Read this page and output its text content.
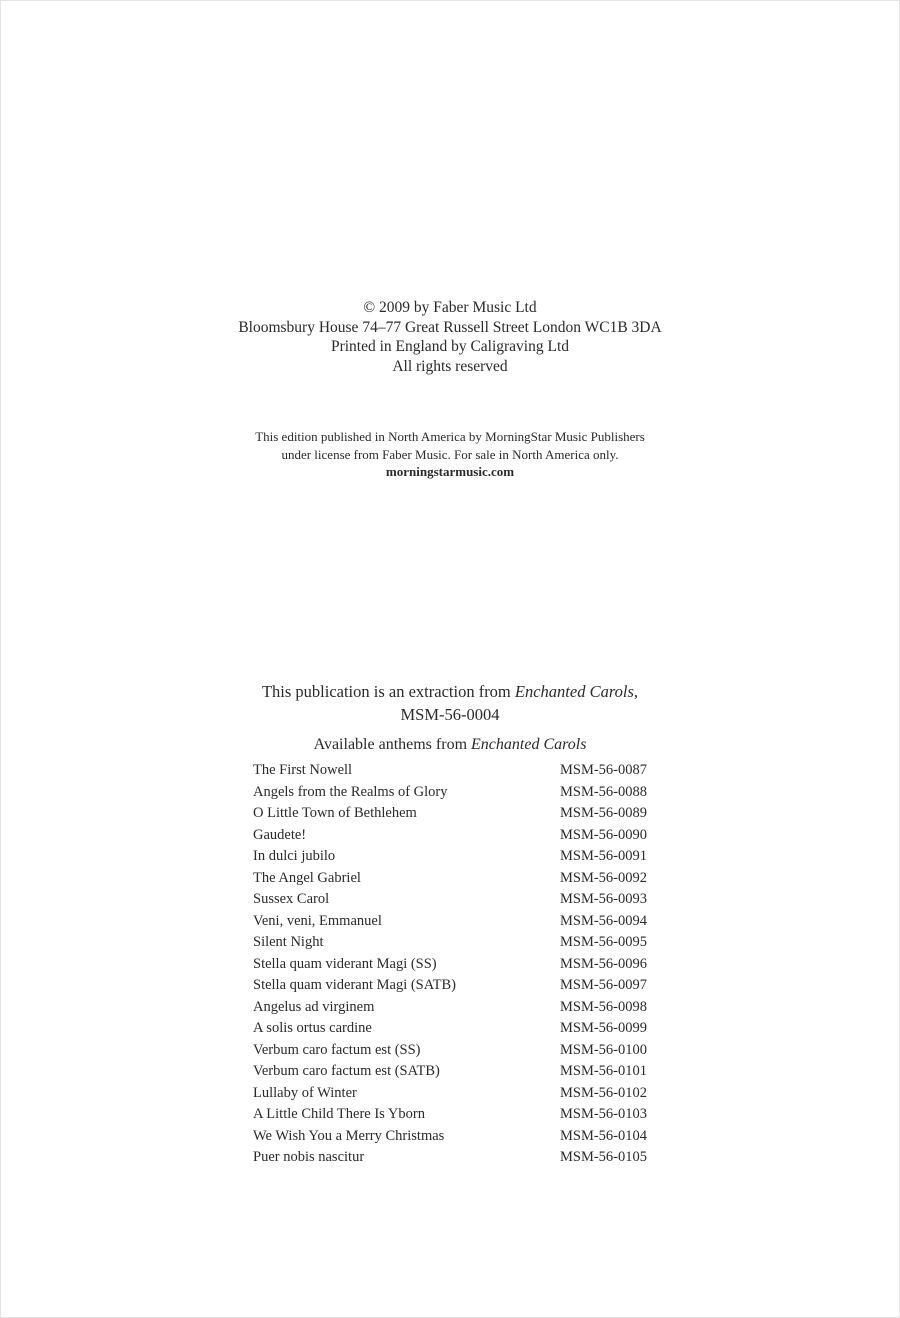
© 2009 by Faber Music Ltd
Bloomsbury House 74–77 Great Russell Street London WC1B 3DA
Printed in England by Caligraving Ltd
All rights reserved
This edition published in North America by MorningStar Music Publishers
under license from Faber Music. For sale in North America only.
morningstarmusic.com
This publication is an extraction from Enchanted Carols,
MSM-56-0004
Available anthems from Enchanted Carols
The First Nowell	MSM-56-0087
Angels from the Realms of Glory	MSM-56-0088
O Little Town of Bethlehem	MSM-56-0089
Gaudete!	MSM-56-0090
In dulci jubilo	MSM-56-0091
The Angel Gabriel	MSM-56-0092
Sussex Carol	MSM-56-0093
Veni, veni, Emmanuel	MSM-56-0094
Silent Night	MSM-56-0095
Stella quam viderant Magi (SS)	MSM-56-0096
Stella quam viderant Magi (SATB)	MSM-56-0097
Angelus ad virginem	MSM-56-0098
A solis ortus cardine	MSM-56-0099
Verbum caro factum est (SS)	MSM-56-0100
Verbum caro factum est (SATB)	MSM-56-0101
Lullaby of Winter	MSM-56-0102
A Little Child There Is Yborn	MSM-56-0103
We Wish You a Merry Christmas	MSM-56-0104
Puer nobis nascitur	MSM-56-0105
